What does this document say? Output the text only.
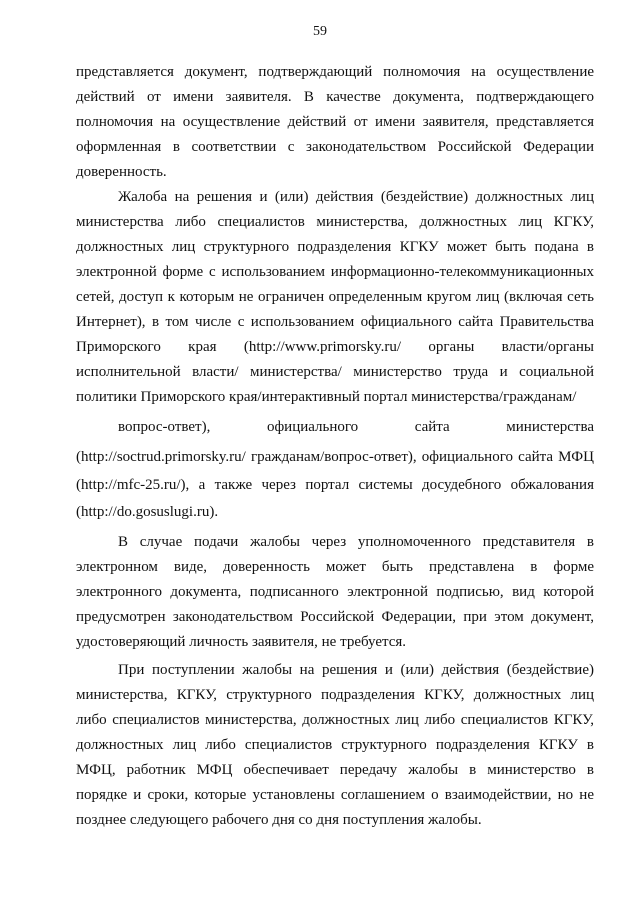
59
представляется документ, подтверждающий полномочия на осуществление
действий от имени заявителя. В качестве документа, подтверждающего
полномочия на осуществление действий от имени заявителя, представляется
оформленная в соответствии с законодательством Российской Федерации
доверенность.
Жалоба на решения и (или) действия (бездействие) должностных лиц
министерства либо специалистов министерства, должностных лиц КГКУ,
должностных лиц структурного подразделения КГКУ может быть подана в
электронной форме с использованием информационно-телекоммуникационных
сетей, доступ к которым не ограничен определенным кругом лиц (включая сеть
Интернет), в том числе с использованием официального сайта Правительства
Приморского края (http://www.primorsky.ru/ органы власти/органы
исполнительной власти/ министерства/ министерство труда и социальной
политики Приморского края/интерактивный портал министерства/гражданам/
вопрос-ответ), официального сайта министерства
(http://soctrud.primorsky.ru/ гражданам/вопрос-ответ), официального сайта МФЦ
(http://mfc-25.ru/), а также через портал системы досудебного обжалования
(http://do.gosuslugi.ru).
В случае подачи жалобы через уполномоченного представителя в
электронном виде, доверенность может быть представлена в форме
электронного документа, подписанного электронной подписью, вид которой
предусмотрен законодательством Российской Федерации, при этом документ,
удостоверяющий личность заявителя, не требуется.
При поступлении жалобы на решения и (или) действия (бездействие)
министерства, КГКУ, структурного подразделения КГКУ, должностных лиц
либо специалистов министерства, должностных лиц либо специалистов КГКУ,
должностных лиц либо специалистов структурного подразделения КГКУ в
МФЦ, работник МФЦ обеспечивает передачу жалобы в министерство в
порядке и сроки, которые установлены соглашением о взаимодействии, но не
позднее следующего рабочего дня со дня поступления жалобы.
